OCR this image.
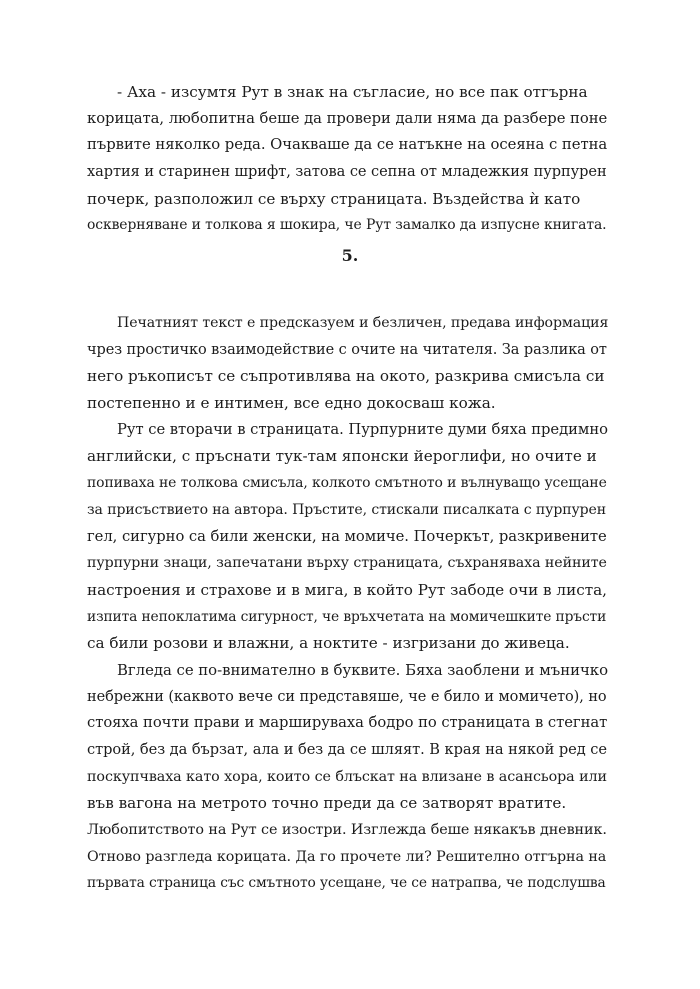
- Аха - изсумтя Рут в знак на съгласие, но все пак отгърна
корицата, любопитна беше да провери дали няма да разбере поне
първите няколко реда. Очакваше да се натъкне на осеяна с петна
хартия и старинен шрифт, затова се сепна от младежкия пурпурен
почерк, разположил се върху страницата. Въздейства ѝ като
оскверняване и толкова я шокира, че Рут замалко да изпусне книгата.
5.
Печатният текст е предсказуем и безличен, предава информация
чрез простичко взаимодействие с очите на читателя. За разлика от
него ръкописът се съпротивлява на окото, разкрива смисъла си
постепенно и е интимен, все едно докосваш кожа.
Рут се вторачи в страницата. Пурпурните думи бяха предимно
английски, с пръснати тук-там японски йероглифи, но очите и
попиваха не толкова смисъла, колкото смътното и вълнуващо усещане
за присъствието на автора. Пръстите, стискали писалката с пурпурен
гел, сигурно са били женски, на момиче. Почеркът, разкривените
пурпурни знаци, запечатани върху страницата, съхраняваха нейните
настроения и страхове и в мига, в който Рут забоде очи в листа,
изпита непоклатима сигурност, че връхчетата на момичешките пръсти
са били розови и влажни, а ноктите - изгризани до живеца.
Вгледа се по-внимателно в буквите. Бяха заоблени и мъничко
небрежни (каквото вече си представяше, че е било и момичето), но
стояха почти прави и маршируваха бодро по страницата в стегнат
строй, без да бързат, ала и без да се шляят. В края на някой ред се
поскупчваха като хора, които се блъскат на влизане в асансьора или
във вагона на метрото точно преди да се затворят вратите.
Любопитството на Рут се изостри. Изглежда беше някакъв дневник.
Отново разгледа корицата. Да го прочете ли? Решително отгърна на
първата страница със смътното усещане, че се натрапва, че подслушва
